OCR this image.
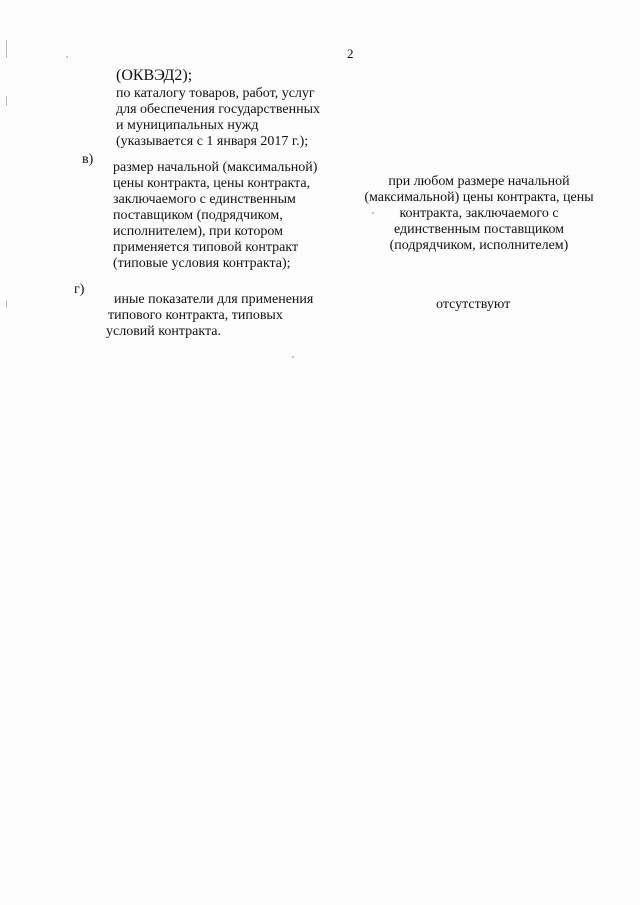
2
(ОКВЭД2);
по каталогу товаров, работ, услуг
для обеспечения государственных
и муниципальных нужд
(указывается с 1 января 2017 г.);
в)
размер начальной (максимальной)
цены контракта, цены контракта,
заключаемого с единственным
поставщиком (подрядчиком,
исполнителем), при котором
применяется типовой контракт
(типовые условия контракта);
при любом размере начальной
(максимальной) цены контракта, цены
контракта, заключаемого с
единственным поставщиком
(подрядчиком, исполнителем)
г)
иные показатели для применения
типового контракта, типовых
условий контракта.
отсутствуют
